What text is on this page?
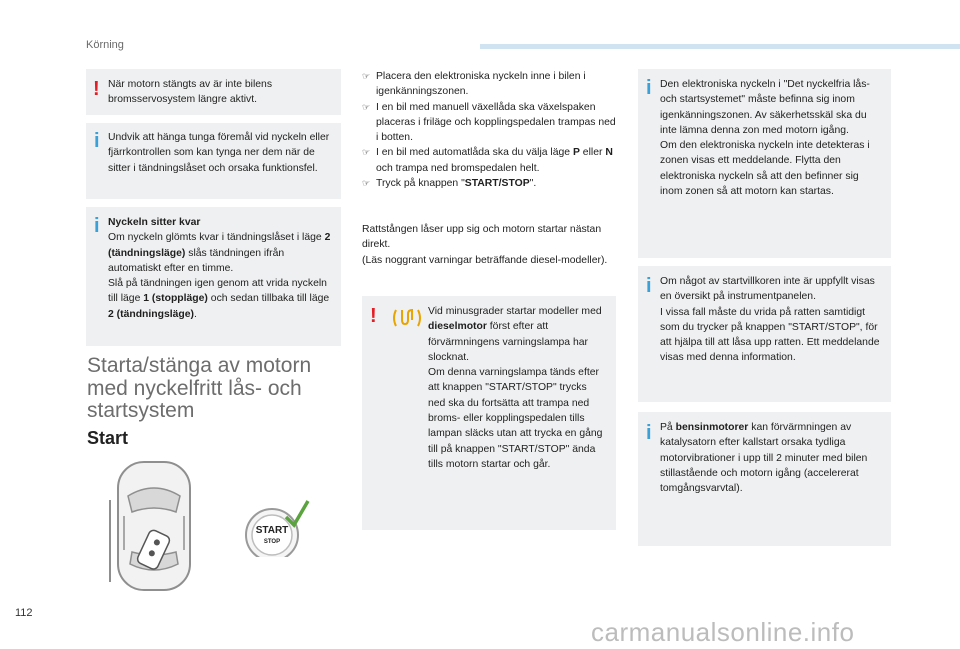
Körning
! När motorn stängts av är inte bilens bromsservosystem längre aktivt.

i Undvik att hänga tunga föremål vid nyckeln eller fjärrkontrollen som kan tynga ner dem när de sitter i tändningslåset och orsaka funktionsfel.

i Nyckeln sitter kvar

Om nyckeln glömts kvar i tändningslåset i läge 2 (tändningsläge) slås tändningen ifrån automatiskt efter en timme.

Slå på tändningen igen genom att vrida nyckeln till läge 1 (stoppläge) och sedan tillbaka till läge 2 (tändningsläge).

Starta/stänga av motorn med nyckelfritt lås- och startsystem
Start
START
STOP
☞ Placera den elektroniska nyckeln inne i bilen i igenkänningszonen.
☞ I en bil med manuell växellåda ska växelspaken placeras i friläge och kopplingspedalen trampas ned i botten.
☞ I en bil med automatlåda ska du välja läge P eller N och trampa ned bromspedalen helt.
☞ Tryck på knappen "START/STOP".

Rattstången låser upp sig och motorn startar nästan direkt.

(Läs noggrant varningar beträffande diesel-modeller).

!	Vid minusgrader startar modeller med dieselmotor först efter att förvärmningens varningslampa har slocknat.

Om denna varningslampa tänds efter att knappen "START/STOP" trycks ned ska du fortsätta att trampa ned broms- eller kopplingspedalen tills lampan släcks utan att trycka en gång till på knappen "START/STOP" ända tills motorn startar och går.

i Den elektroniska nyckeln i "Det nyckelfria lås- och startsystemet" måste befinna sig inom igenkänningszonen. Av säkerhetsskäl ska du inte lämna denna zon med motorn igång.

Om den elektroniska nyckeln inte detekteras i zonen visas ett meddelande. Flytta den elektroniska nyckeln så att den befinner sig inom zonen så att motorn kan startas.

i Om något av startvillkoren inte är uppfyllt visas en översikt på instrumentpanelen.

I vissa fall måste du vrida på ratten samtidigt som du trycker på knappen "START/STOP", för att hjälpa till att låsa upp ratten. Ett meddelande visas med denna information.

i På bensinmotorer kan förvärmningen av katalysatorn efter kallstart orsaka tydliga motorvibrationer i upp till 2 minuter med bilen stillastående och motorn igång (accelererat tomgångsvarvtal).

112
carmanualsonline.info
